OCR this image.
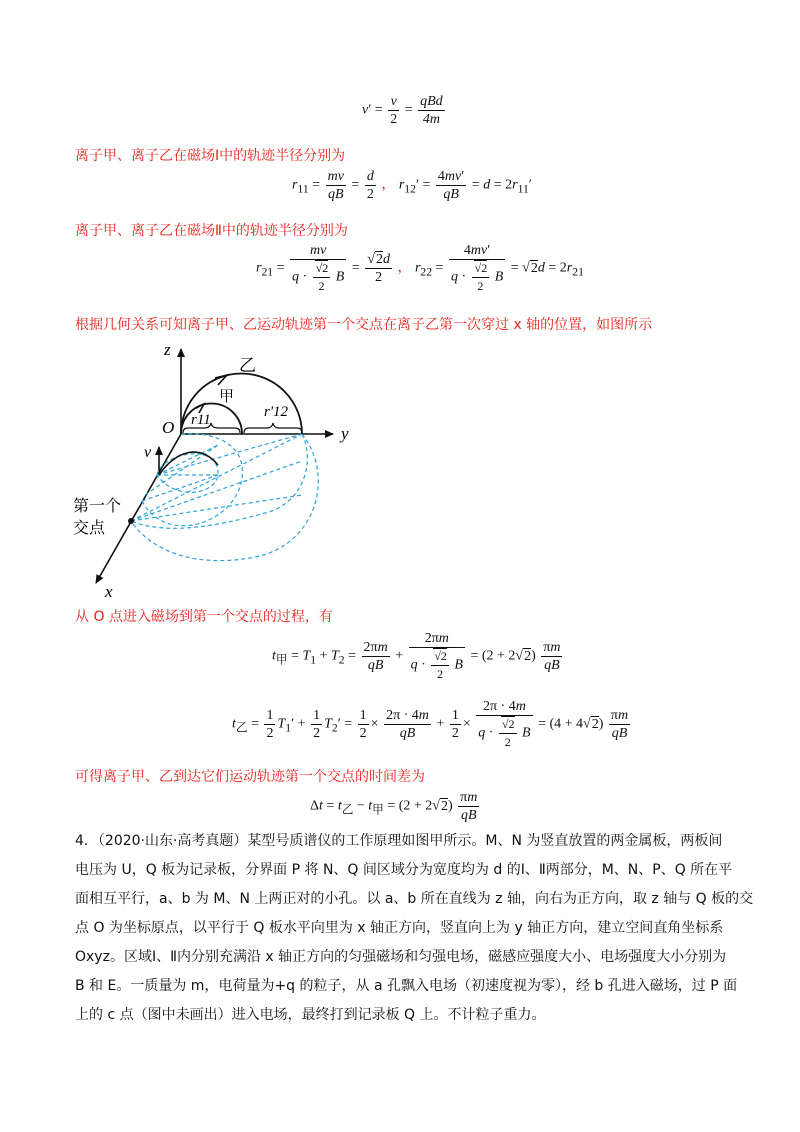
$v' = \frac{v}{2} = \frac{\text{qBd}}{4m}$
离子甲、离子乙在磁场Ⅰ中的轨迹半径分别为
$r_{11} = \frac{mv}{qB} = \frac{d}{2}$ ， $r_{12}' = \frac{4mv'}{qB} = d = 2r_{11}'$
离子甲、离子乙在磁场Ⅱ中的轨迹半径分别为
$r_{21} = \frac{mv}{q \cdot \frac{√2}{2} B} = \frac{√2d}{2}$ ， $r_{22} = \frac{4mv'}{q \cdot \frac{√2}{2} B} = √2d = 2r_{21}$
根据几何关系可知离子甲、乙运动轨迹第一个交点在离子乙第一次穿过 x 轴的位置，如图所示
z
y
x
O
v
乙
甲
r11	r'12
第一个
交点
从 O 点进入磁场到第一个交点的过程，有
$t_甲 = T_1 + T_2 = \frac{2\pi m}{qB} + \frac{2\pi m}{q \cdot \frac{√2}{2} B} = (2 + 2√2) \frac{\pi m}{qB}$
$t_乙 = \frac{1}{2} T_1' + \frac{1}{2} T_2' = \frac{1}{2} \times \frac{2\pi \cdot 4m}{qB} + \frac{1}{2} \times \frac{2\pi \cdot 4m}{q \cdot \frac{√2}{2} B} = (4 + 4√2) \frac{\pi m}{qB}$
可得离子甲、乙到达它们运动轨迹第一个交点的时间差为
$\Delta t = t_乙 - t_甲 = (2 + 2√2) \frac{\pi m}{qB}$
4．（2020·山东·高考真题）某型号质谱仪的工作原理如图甲所示。M、N 为竖直放置的两金属板，两板间
电压为 U，Q 板为记录板，分界面 P 将 N、Q 间区域分为宽度均为 d 的Ⅰ、Ⅱ两部分，M、N、P、Q 所在平
面相互平行，a、b 为 M、N 上两正对的小孔。以 a、b 所在直线为 z 轴，向右为正方向，取 z 轴与 Q 板的交
点 O 为坐标原点，以平行于 Q 板水平向里为 x 轴正方向，竖直向上为 y 轴正方向，建立空间直角坐标系
Oxyz。区域Ⅰ、Ⅱ内分别充满沿 x 轴正方向的匀强磁场和匀强电场，磁感应强度大小、电场强度大小分别为
B 和 E。一质量为 m，电荷量为+q 的粒子，从 a 孔飘入电场（初速度视为零），经 b 孔进入磁场，过 P 面
上的 c 点（图中未画出）进入电场，最终打到记录板 Q 上。不计粒子重力。
